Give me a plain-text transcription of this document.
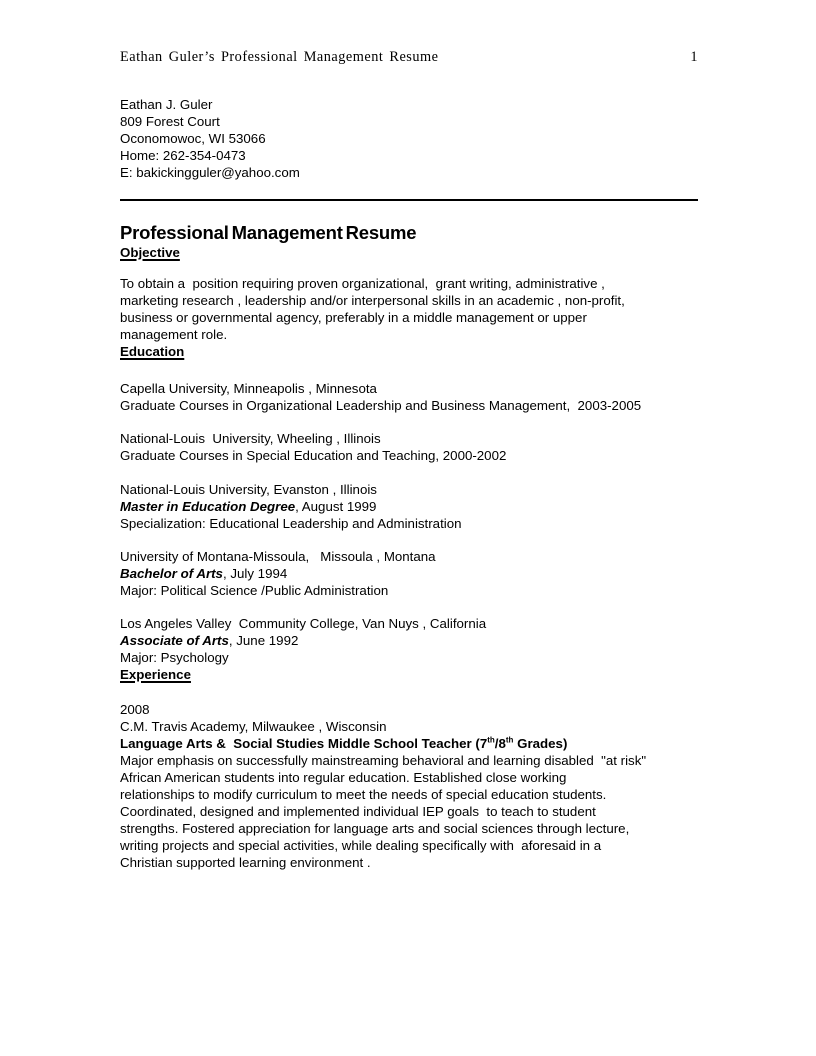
Eathan Guler’s Professional Management Resume	1
Eathan J. Guler
809 Forest Court
Oconomowoc, WI 53066
Home: 262-354-0473
E: bakickingguler@yahoo.com
Professional Management Resume
Objective
To obtain a  position requiring proven organizational,  grant writing, administrative ,
marketing research , leadership and/or interpersonal skills in an academic , non-profit,
business or governmental agency, preferably in a middle management or upper
management role.
Education
Capella University, Minneapolis , Minnesota
Graduate Courses in Organizational Leadership and Business Management,  2003-2005
National-Louis  University, Wheeling , Illinois
Graduate Courses in Special Education and Teaching, 2000-2002
National-Louis University, Evanston , Illinois
Master in Education Degree, August 1999
Specialization: Educational Leadership and Administration
University of Montana-Missoula,   Missoula , Montana
Bachelor of Arts, July 1994
Major: Political Science /Public Administration
Los Angeles Valley  Community College, Van Nuys , California
Associate of Arts, June 1992
Major: Psychology
Experience
2008
C.M. Travis Academy, Milwaukee , Wisconsin
Language Arts &  Social Studies Middle School Teacher (7th/8th Grades)
Major emphasis on successfully mainstreaming behavioral and learning disabled  "at risk"
African American students into regular education. Established close working
relationships to modify curriculum to meet the needs of special education students.
Coordinated, designed and implemented individual IEP goals  to teach to student
strengths. Fostered appreciation for language arts and social sciences through lecture,
writing projects and special activities, while dealing specifically with  aforesaid in a
Christian supported learning environment .
